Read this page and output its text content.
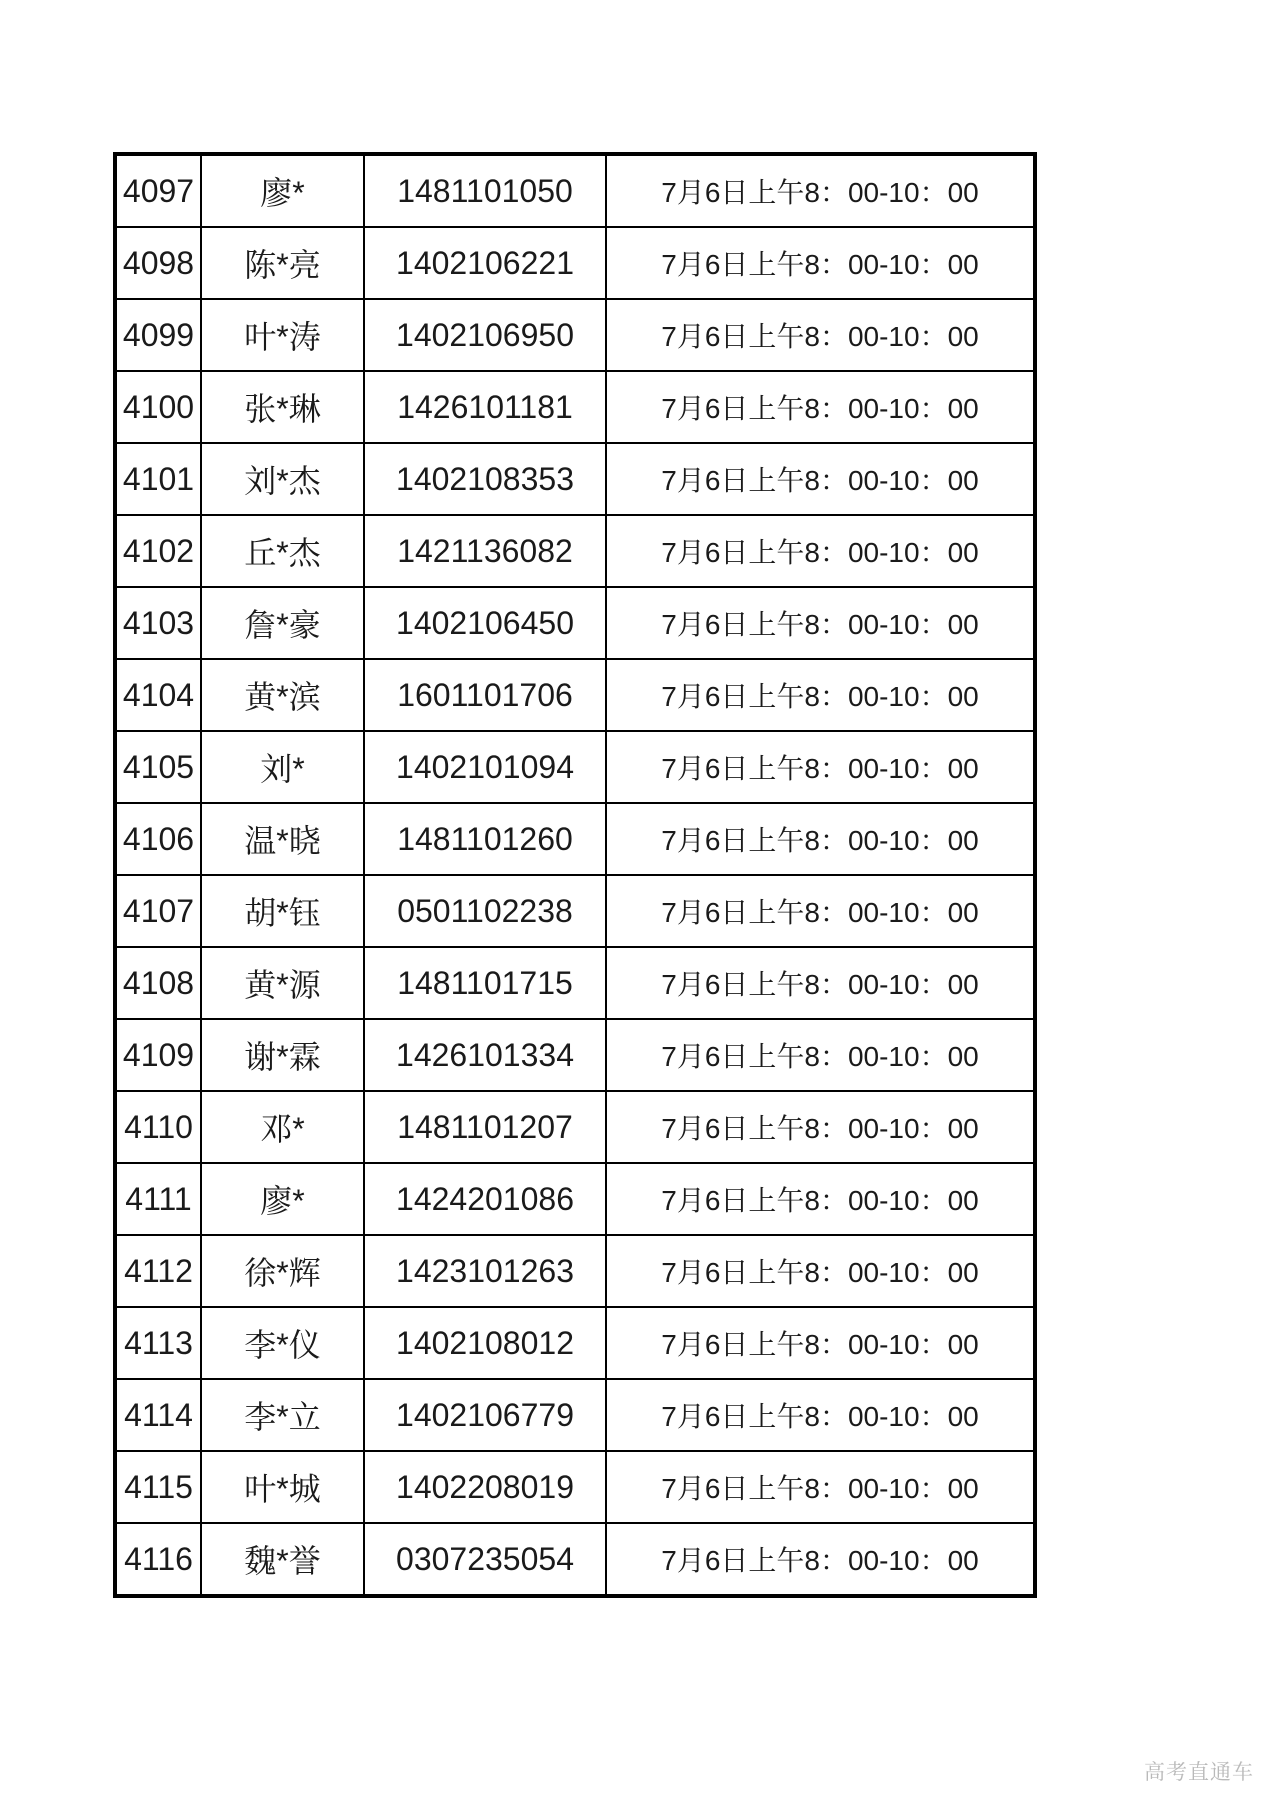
4097	廖*	1481101050	7月6日上午8：00-10：00
4098	陈*亮	1402106221	7月6日上午8：00-10：00
4099	叶*涛	1402106950	7月6日上午8：00-10：00
4100	张*琳	1426101181	7月6日上午8：00-10：00
4101	刘*杰	1402108353	7月6日上午8：00-10：00
4102	丘*杰	1421136082	7月6日上午8：00-10：00
4103	詹*豪	1402106450	7月6日上午8：00-10：00
4104	黄*滨	1601101706	7月6日上午8：00-10：00
4105	刘*	1402101094	7月6日上午8：00-10：00
4106	温*晓	1481101260	7月6日上午8：00-10：00
4107	胡*钰	0501102238	7月6日上午8：00-10：00
4108	黄*源	1481101715	7月6日上午8：00-10：00
4109	谢*霖	1426101334	7月6日上午8：00-10：00
4110	邓*	1481101207	7月6日上午8：00-10：00
4111	廖*	1424201086	7月6日上午8：00-10：00
4112	徐*辉	1423101263	7月6日上午8：00-10：00
4113	李*仪	1402108012	7月6日上午8：00-10：00
4114	李*立	1402106779	7月6日上午8：00-10：00
4115	叶*城	1402208019	7月6日上午8：00-10：00
4116	魏*誉	0307235054	7月6日上午8：00-10：00
高考直通车
